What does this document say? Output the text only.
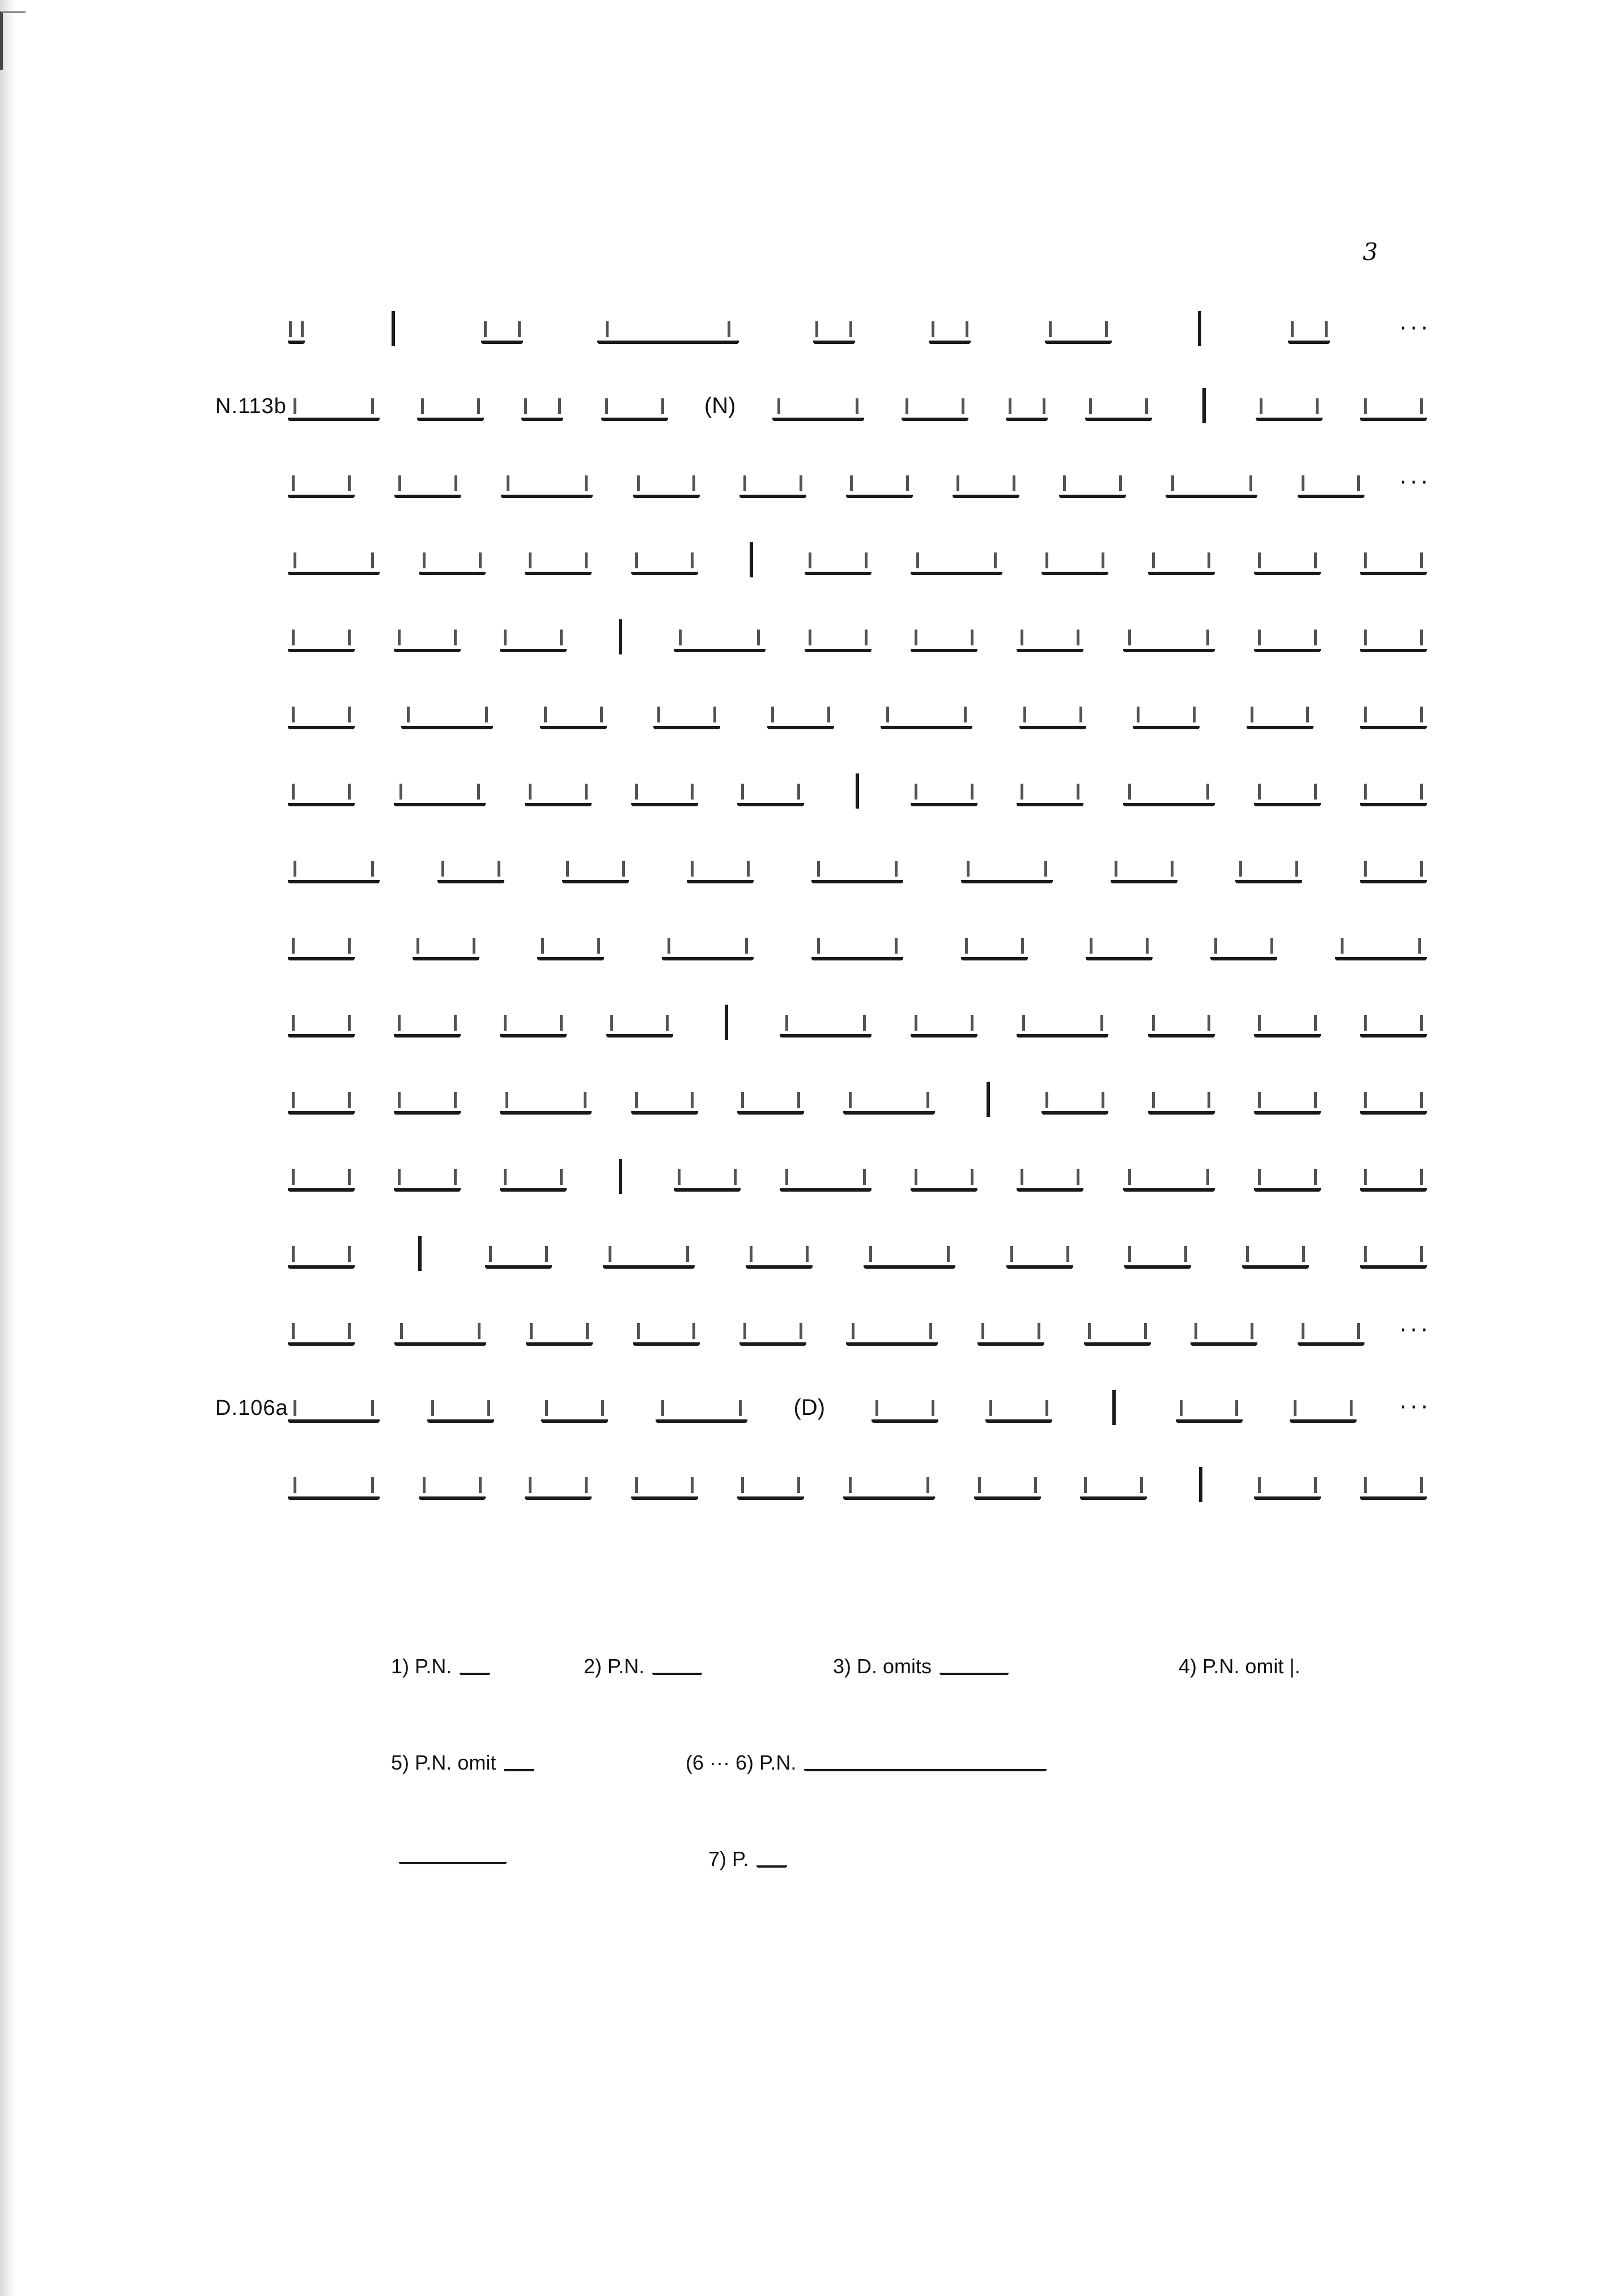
3
···
N.113b	(N)
···
···
D.106a	(D)	···
1) P.N.	2) P.N.	3) D. omits	4) P.N. omit |.
5) P.N. omit	(6 ··· 6) P.N.
7) P.
